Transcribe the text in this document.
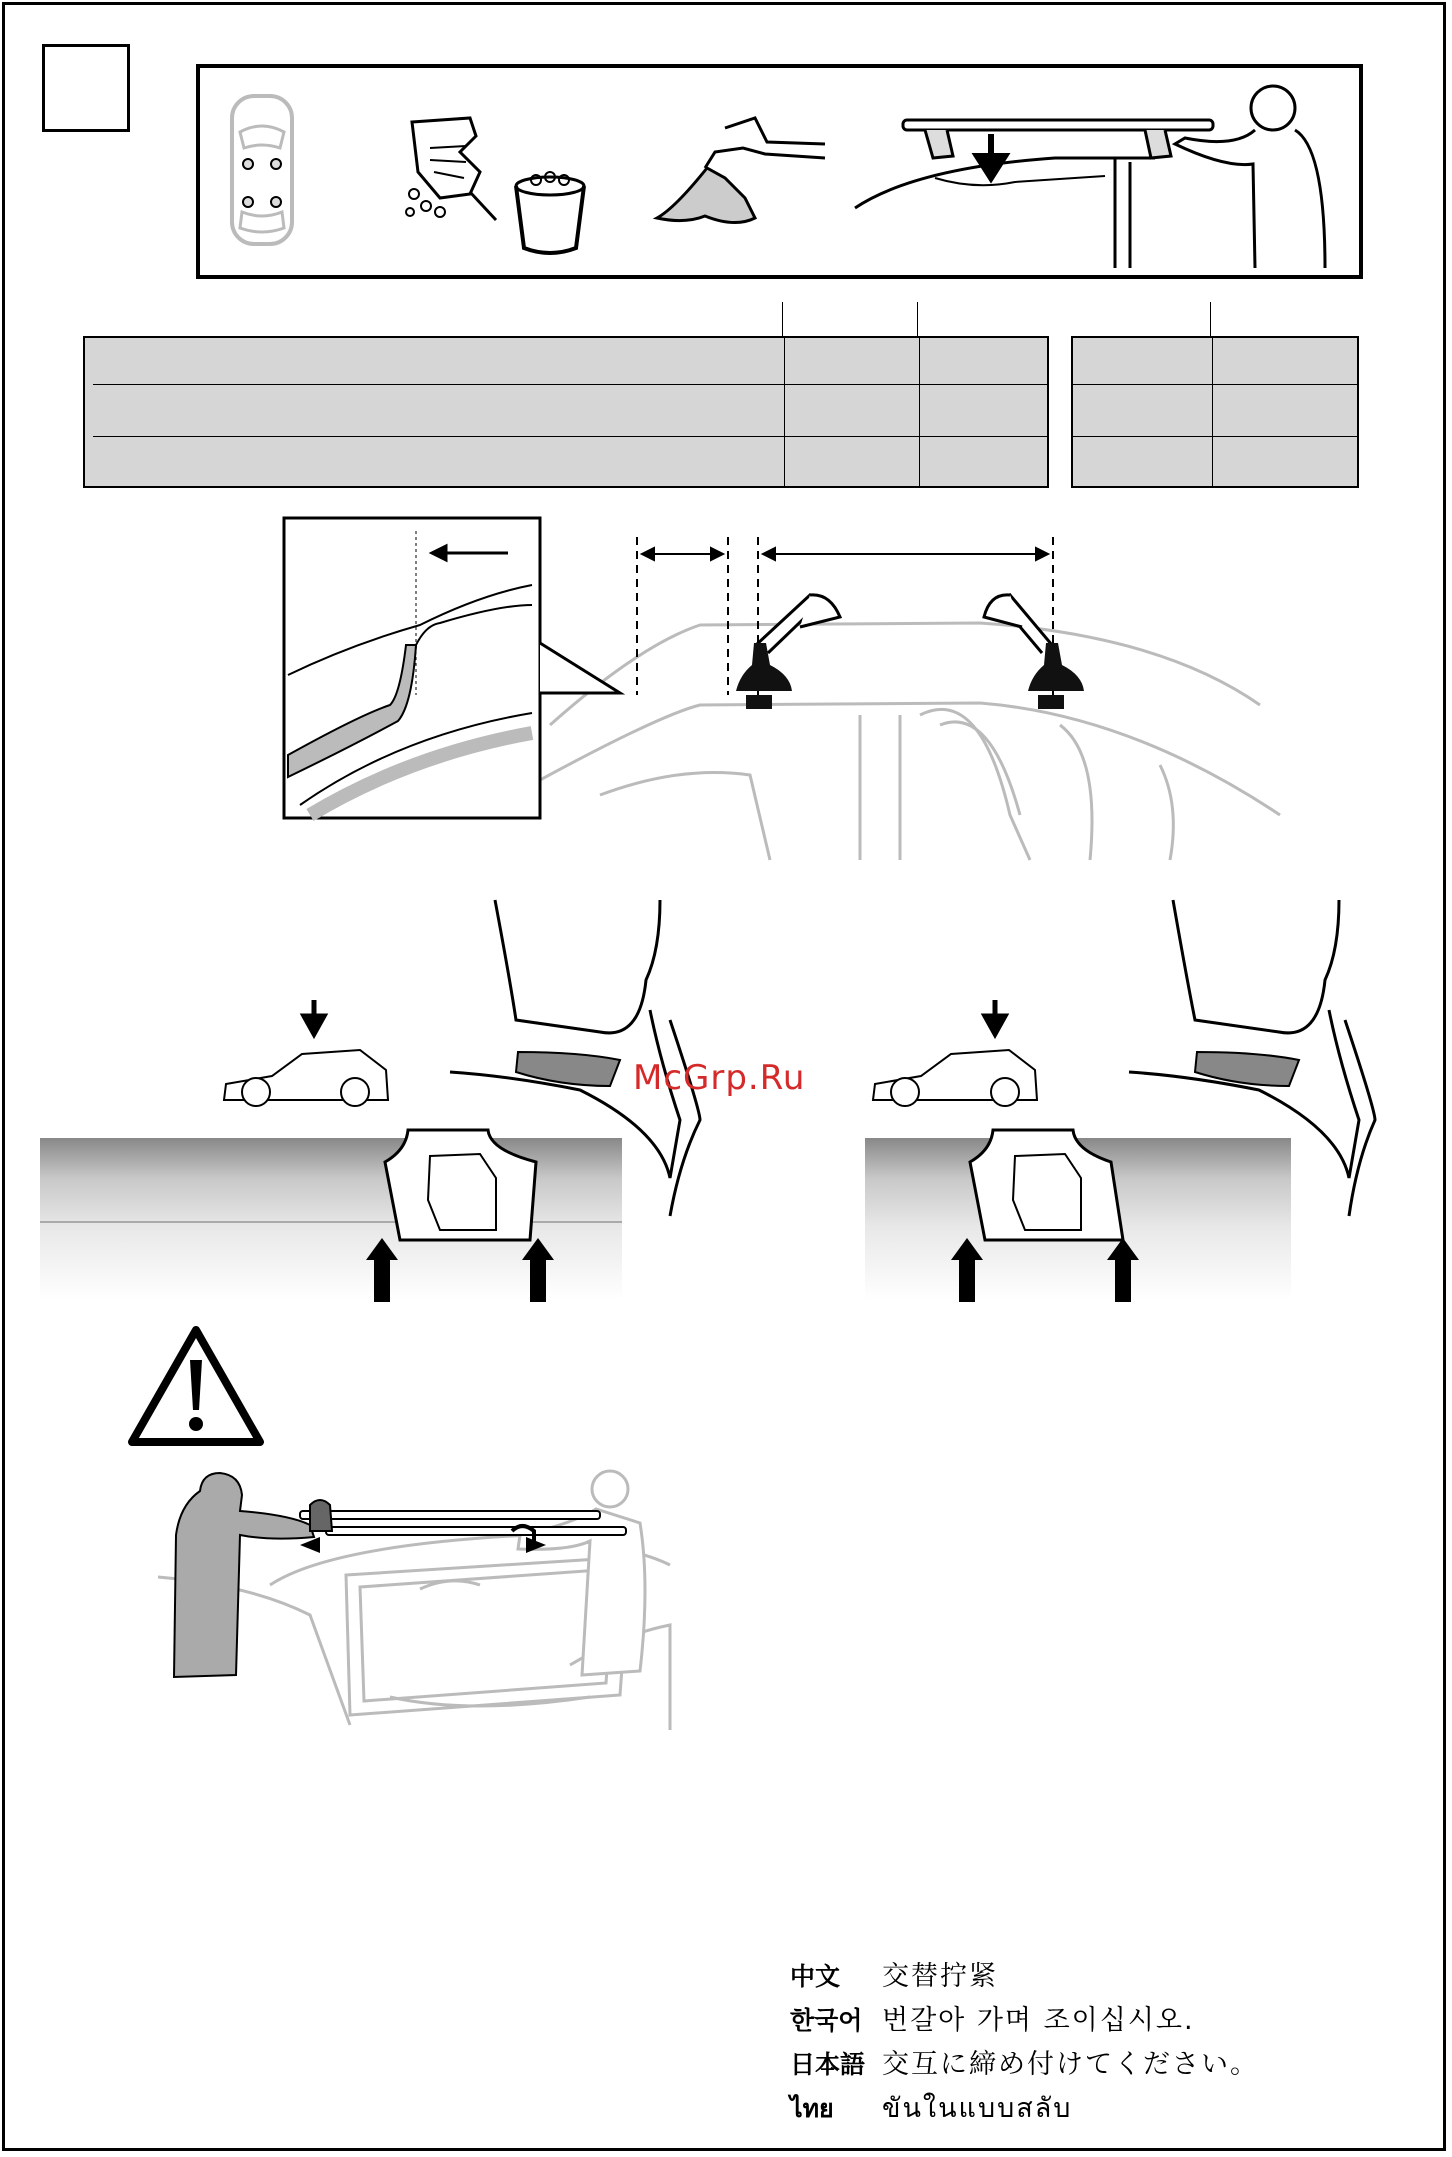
McGrp.Ru
中文	交替拧紧
한국어 번갈아 가며 조이십시오.
日本語 交互に締め付けてください。
ไทย	ขันในแบบสลับ
